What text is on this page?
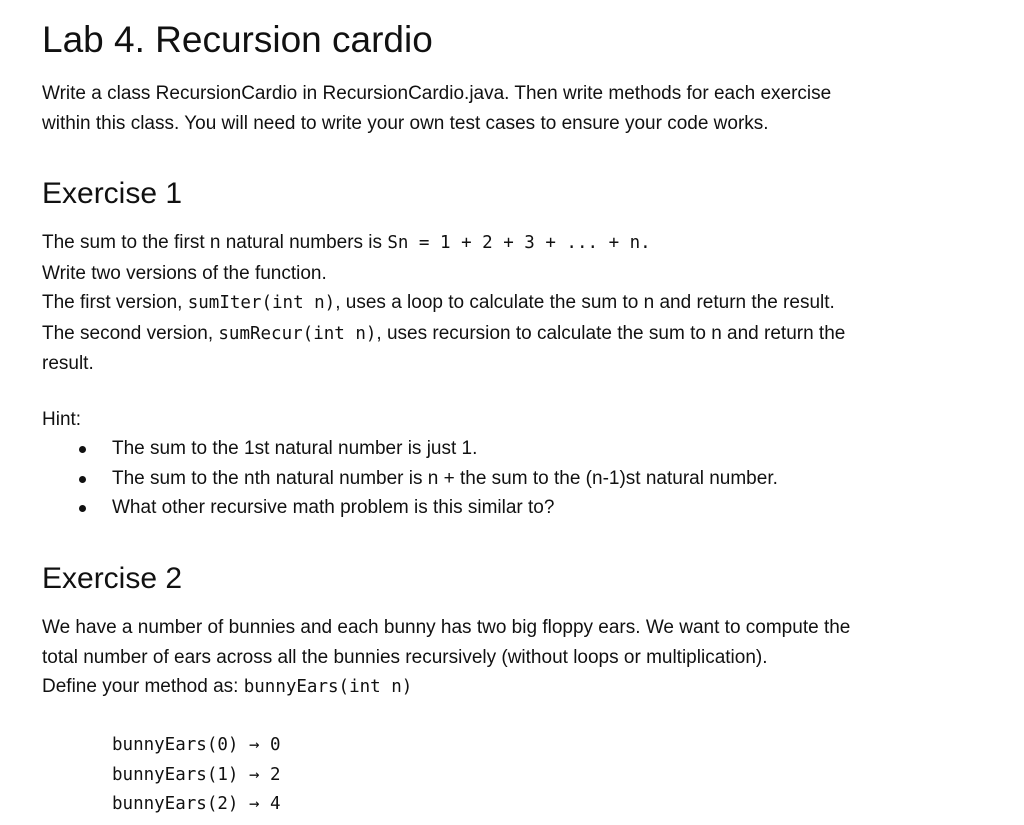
Lab 4. Recursion cardio

Write a class RecursionCardio in RecursionCardio.java. Then write methods for each exercise
within this class. You will need to write your own test cases to ensure your code works.

Exercise 1
The sum to the first n natural numbers is Sn = 1 + 2 + 3 + ... + n.
Write two versions of the function.
The first version, sumIter(int n), uses a loop to calculate the sum to n and return the result.
The second version, sumRecur(int n), uses recursion to calculate the sum to n and return the
result.

Hint:

The sum to the 1st natural number is just 1.
The sum to the nth natural number is n + the sum to the (n-1)st natural number.
What other recursive math problem is this similar to?
Exercise 2
We have a number of bunnies and each bunny has two big floppy ears. We want to compute the
total number of ears across all the bunnies recursively (without loops or multiplication).
Define your method as: bunnyEars(int n)
bunnyEars(0) → 0
bunnyEars(1) → 2
bunnyEars(2) → 4
